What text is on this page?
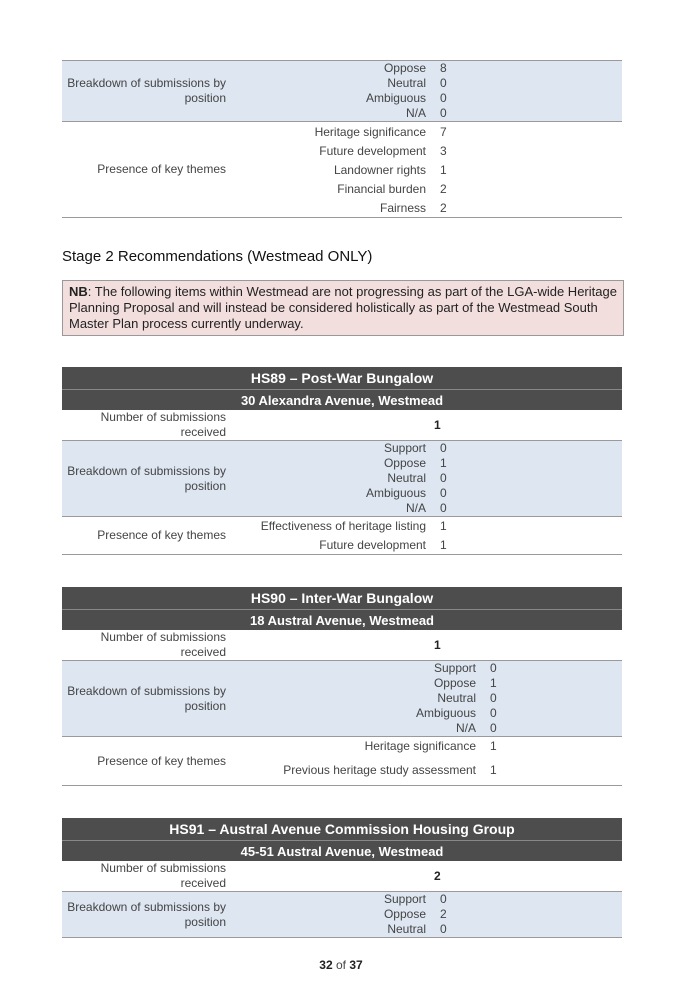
Breakdown of submissions by position	Oppose	8
	Neutral	0
	Ambiguous	0
	N/A	0
Presence of key themes	Heritage significance	7
	Future development	3
	Landowner rights	1
	Financial burden	2
	Fairness	2
Stage 2 Recommendations (Westmead ONLY)
NB: The following items within Westmead are not progressing as part of the LGA-wide Heritage Planning Proposal and will instead be considered holistically as part of the Westmead South Master Plan process currently underway.
HS89 – Post-War Bungalow		
30 Alexandra Avenue, Westmead		
Number of submissions received	1	
Breakdown of submissions by position	Support	0
	Oppose	1
	Neutral	0
	Ambiguous	0
	N/A	0
Presence of key themes	Effectiveness of heritage listing	1
	Future development	1
HS90 – Inter-War Bungalow		
18 Austral Avenue, Westmead		
Number of submissions received	1	
Breakdown of submissions by position	Support	0
	Oppose	1
	Neutral	0
	Ambiguous	0
	N/A	0
Presence of key themes	Heritage significance	1
	Previous heritage study assessment	1
HS91 – Austral Avenue Commission Housing Group		
45-51 Austral Avenue, Westmead		
Number of submissions received	2	
Breakdown of submissions by position	Support	0
	Oppose	2
	Neutral	0
32 of 37
